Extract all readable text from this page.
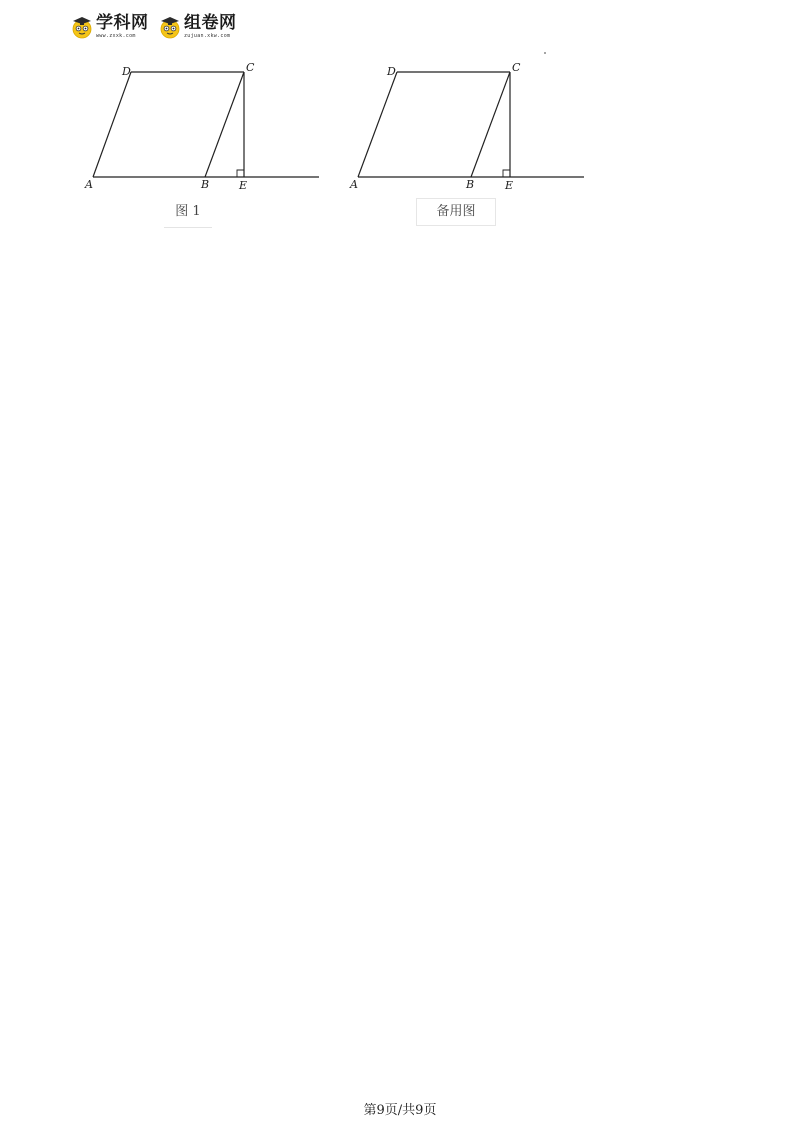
学科网
www.zxxk.com
组卷网
zujuan.xkw.com
A	B	E
D	C
图 1
A	B	E
D	C
备用图
第9页/共9页
